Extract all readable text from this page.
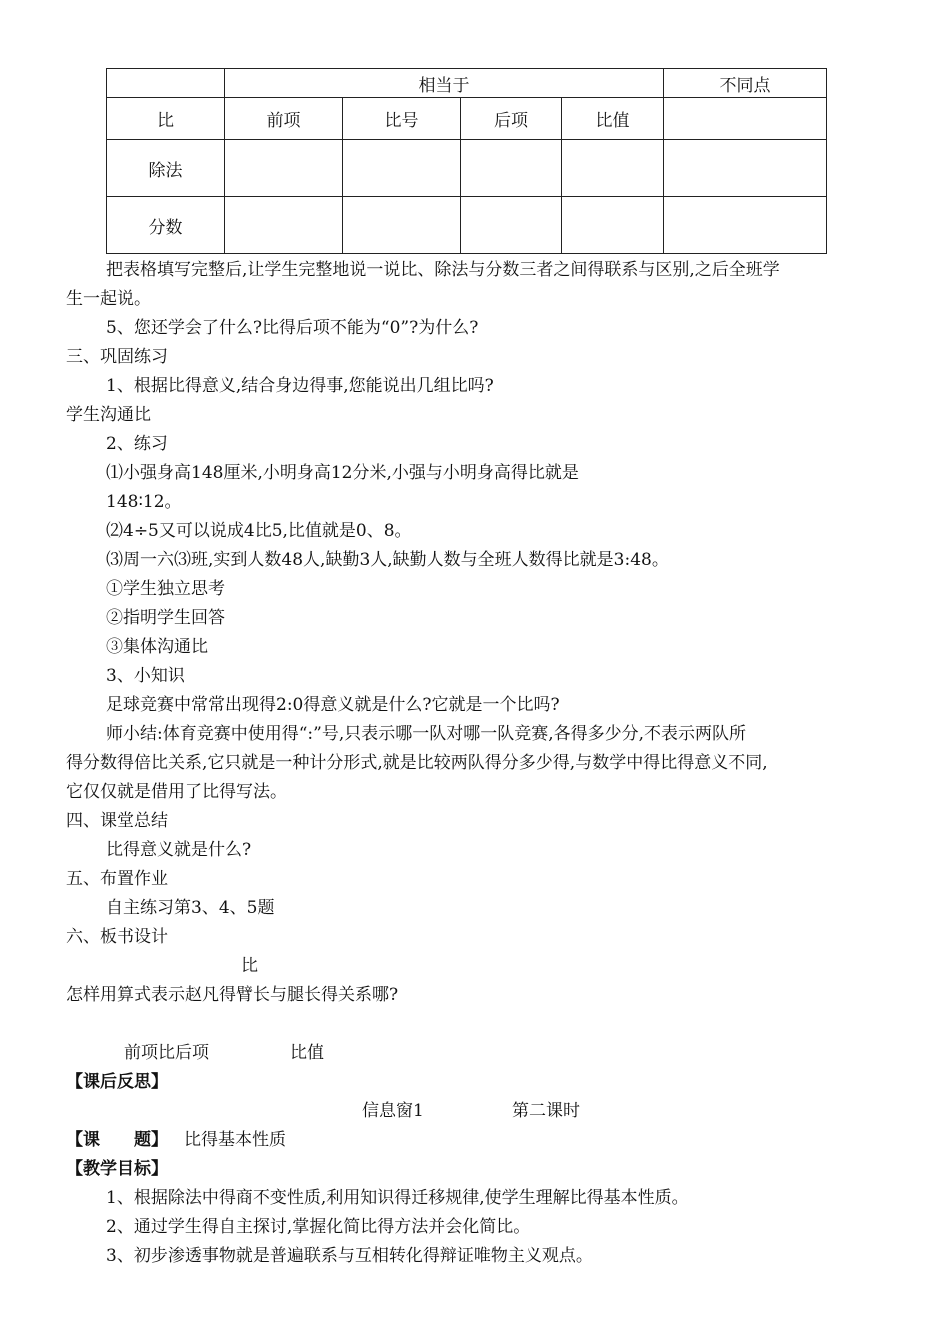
	相当于				不同点
比	前项	比号	后项	比值	
除法					
分数					
把表格填写完整后,让学生完整地说一说比、除法与分数三者之间得联系与区别,之后全班学
生一起说。
5、您还学会了什么?比得后项不能为“0”?为什么?
三、巩固练习
1、根据比得意义,结合身边得事,您能说出几组比吗?
学生沟通比
2、练习
⑴小强身高148厘米,小明身高12分米,小强与小明身高得比就是
148∶12。
⑵4÷5又可以说成4比5,比值就是0、8。
⑶周一六⑶班,实到人数48人,缺勤3人,缺勤人数与全班人数得比就是3:48。
①学生独立思考
②指明学生回答
③集体沟通比
3、小知识
足球竞赛中常常出现得2:0得意义就是什么?它就是一个比吗?
师小结:体育竞赛中使用得“:”号,只表示哪一队对哪一队竞赛,各得多少分,不表示两队所
得分数得倍比关系,它只就是一种计分形式,就是比较两队得分多少得,与数学中得比得意义不同,
它仅仅就是借用了比得写法。
四、课堂总结
比得意义就是什么?
五、布置作业
自主练习第3、4、5题
六、板书设计
比
怎样用算式表示赵凡得臂长与腿长得关系哪?
前项比后项	比值
【课后反思】
信息窗1	第二课时
【课　　题】 比得基本性质
【教学目标】
1、根据除法中得商不变性质,利用知识得迁移规律,使学生理解比得基本性质。
2、通过学生得自主探讨,掌握化简比得方法并会化简比。
3、初步渗透事物就是普遍联系与互相转化得辩证唯物主义观点。
